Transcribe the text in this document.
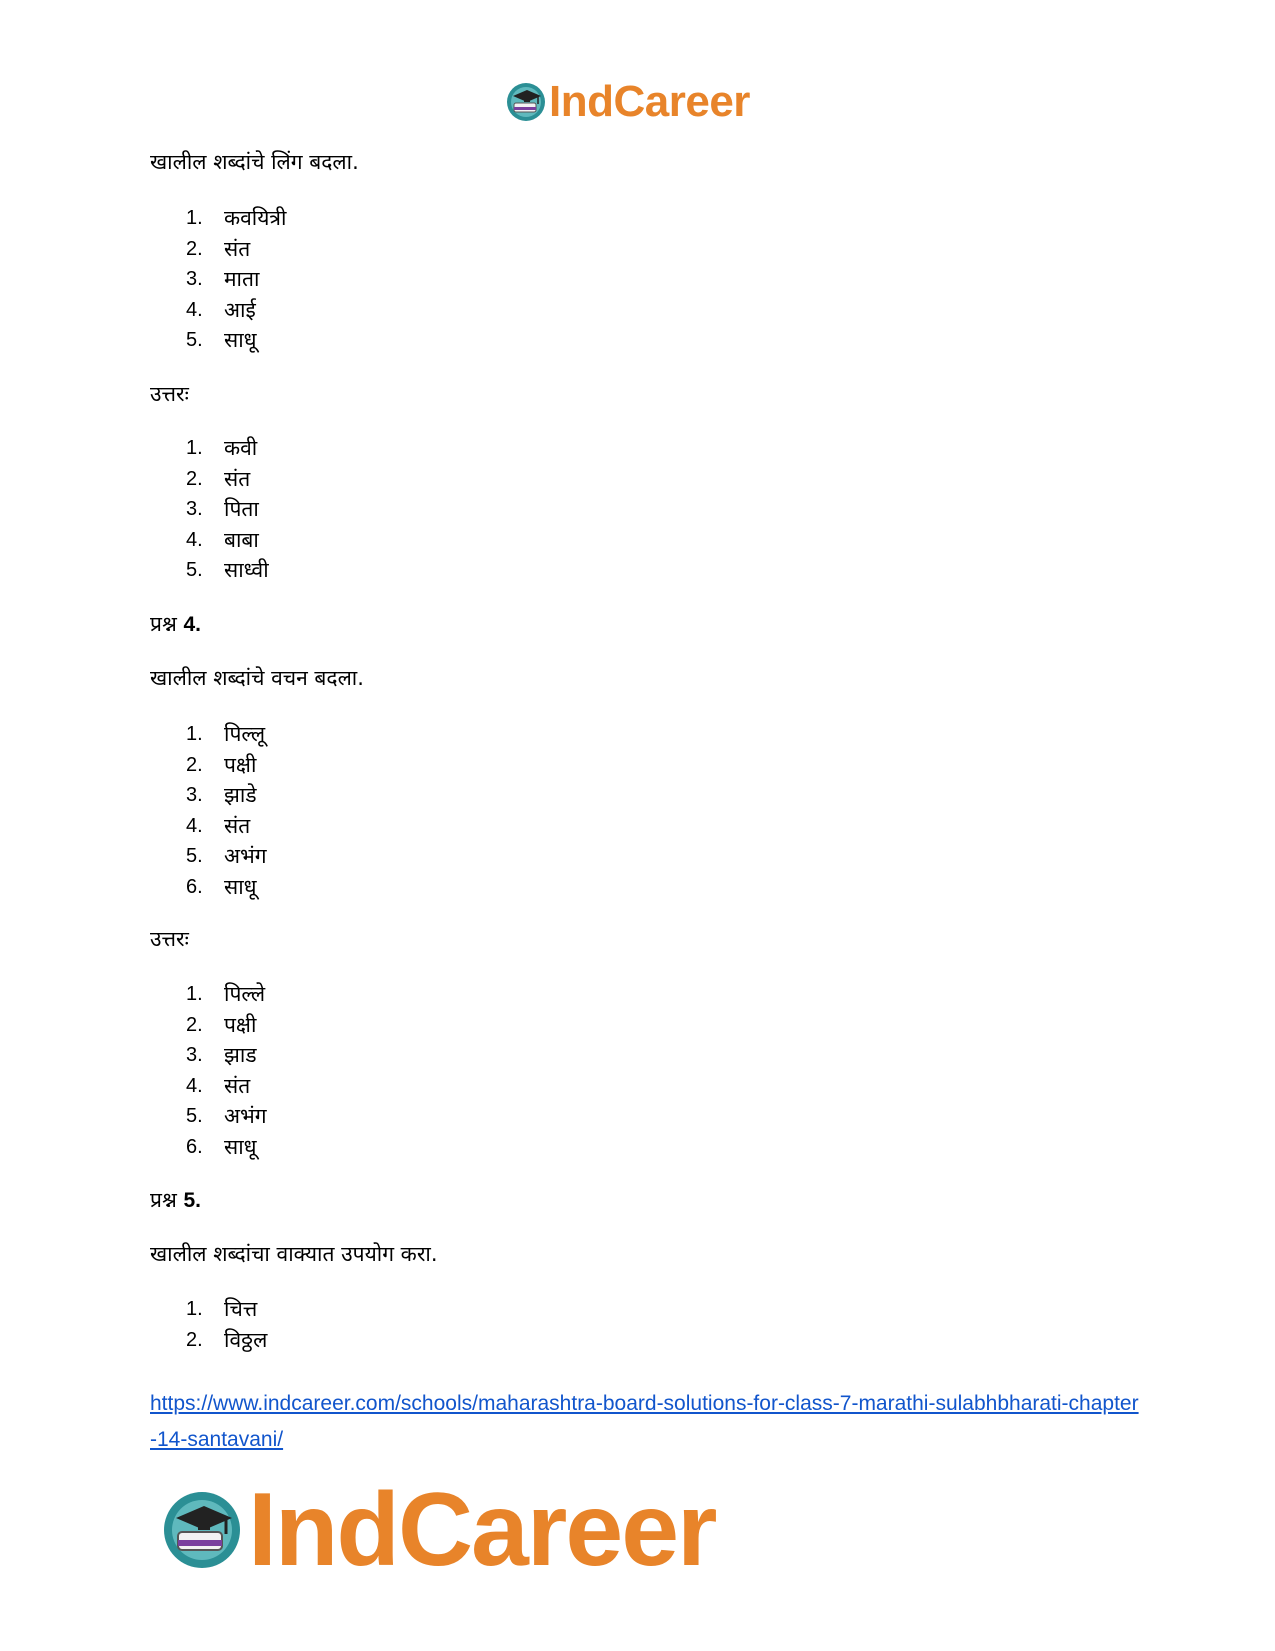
IndCareer
खालील शब्दांचे लिंग बदला.
1.	कवयित्री
2.	संत
3.	माता
4.	आई
5.	साधू
उत्तरः
1.	कवी
2.	संत
3.	पिता
4.	बाबा
5.	साध्वी
प्रश्न 4.
खालील शब्दांचे वचन बदला.
1.	पिल्लू
2.	पक्षी
3.	झाडे
4.	संत
5.	अभंग
6.	साधू
उत्तरः
1.	पिल्ले
2.	पक्षी
3.	झाड
4.	संत
5.	अभंग
6.	साधू
प्रश्न 5.
खालील शब्दांचा वाक्यात उपयोग करा.
1.	चित्त
2.	विठ्ठल
https://www.indcareer.com/schools/maharashtra-board-solutions-for-class-7-marathi-sulabhbharati-chapter-14-santavani/
IndCareer
